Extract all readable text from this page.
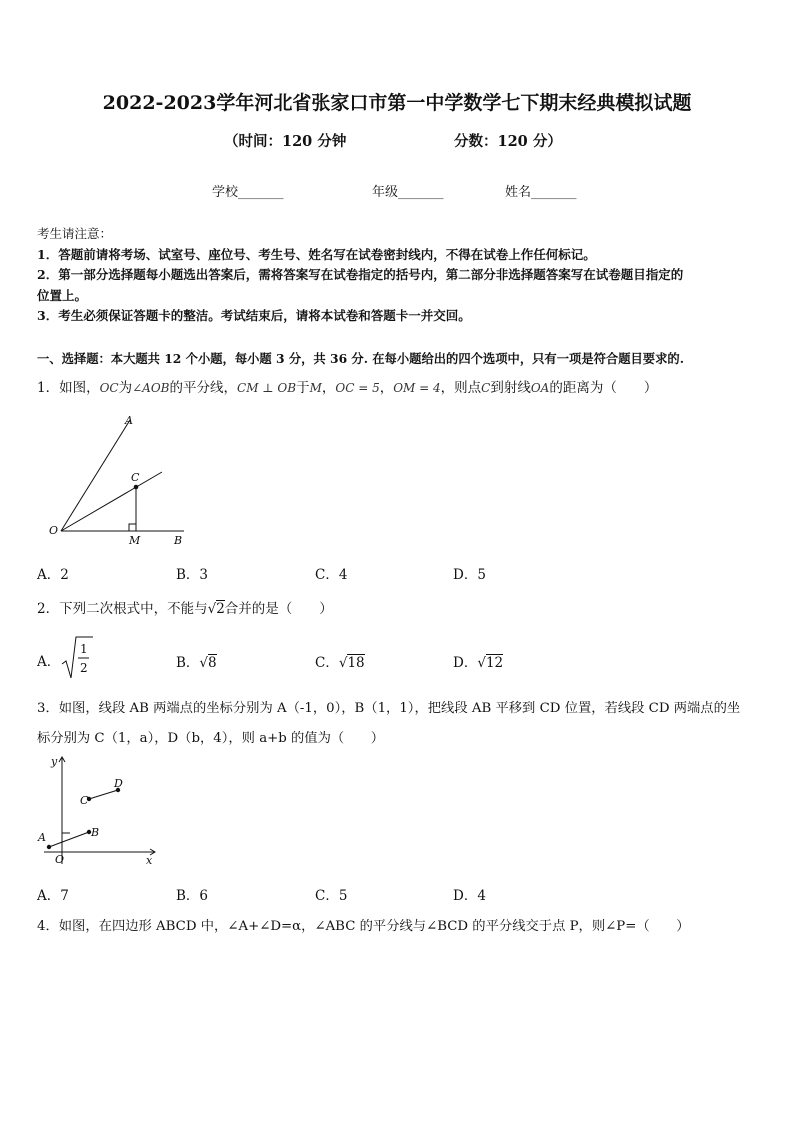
2022-2023学年河北省张家口市第一中学数学七下期末经典模拟试题
（时间：120 分钟	分数：120 分）
学校_______	年级_______	姓名_______
考生请注意：
1．答题前请将考场、试室号、座位号、考生号、姓名写在试卷密封线内，不得在试卷上作任何标记。
2．第一部分选择题每小题选出答案后，需将答案写在试卷指定的括号内，第二部分非选择题答案写在试卷题目指定的
位置上。
3．考生必须保证答题卡的整洁。考试结束后，请将本试卷和答题卡一并交回。
一、选择题：本大题共 12 个小题，每小题 3 分，共 36 分. 在每小题给出的四个选项中，只有一项是符合题目要求的.
1．如图，OC为∠AOB的平分线，CM ⊥ OB于M，OC = 5，OM = 4，则点C到射线OA的距离为（　　）
A
C
O
M	B
A．2	B．3	C．4	D．5
2．下列二次根式中，不能与√2合并的是（　　）
A．
1
2	B．√8	C．√18	D．√12
3．如图，线段 AB 两端点的坐标分别为 A（-1，0），B（1，1），把线段 AB 平移到 CD 位置，若线段 CD 两端点的坐
标分别为 C（1，a），D（b，4），则 a+b 的值为（　　）
y
x
O
A	B
C
D
A．7	B．6	C．5	D．4
4．如图，在四边形 ABCD 中，∠A+∠D=α，∠ABC 的平分线与∠BCD 的平分线交于点 P，则∠P=（　　）
